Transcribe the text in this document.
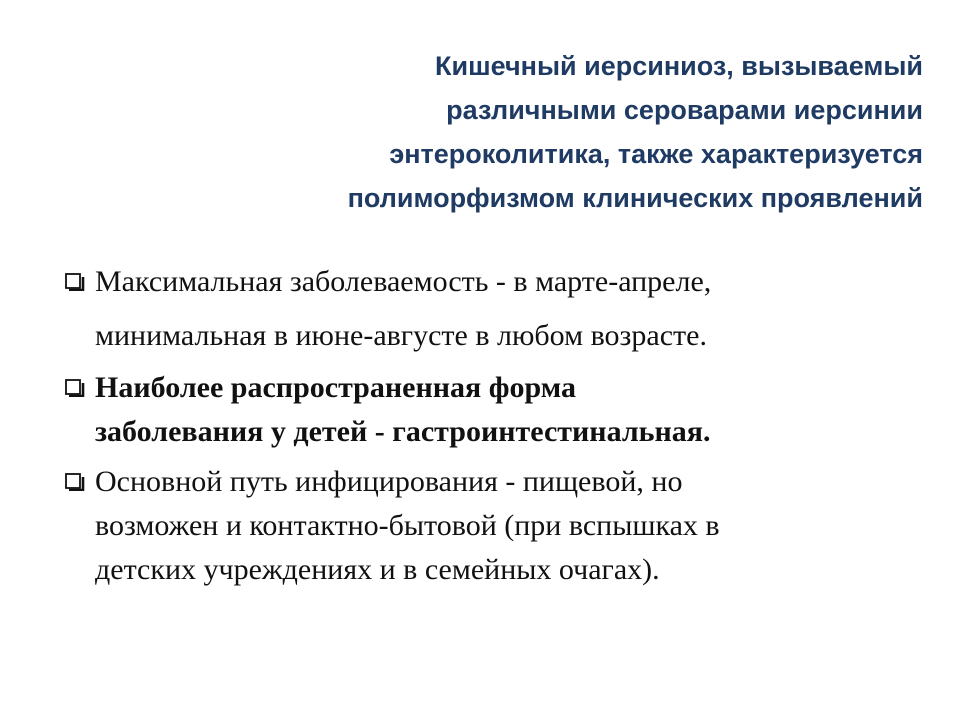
Кишечный иерсиниоз, вызываемый
различными сероварами иерсинии
энтероколитика, также характеризуется
полиморфизмом клинических проявлений
Максимальная заболеваемость - в марте-апреле,
минимальная в июне-августе в любом возрасте.
Наиболее распространенная форма
заболевания у детей - гастроинтестинальная.
Основной путь инфицирования - пищевой, но
возможен и контактно-бытовой (при вспышках в
детских учреждениях и в семейных очагах).
